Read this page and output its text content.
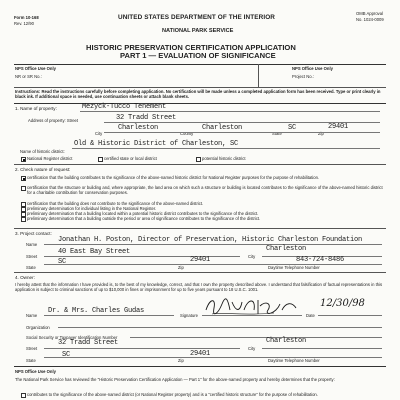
Form 10-168
Rev. 12/90
OMB Approval
No. 1024-0009
UNITED STATES DEPARTMENT OF THE INTERIOR
NATIONAL PARK SERVICE
HISTORIC PRESERVATION CERTIFICATION APPLICATION
PART 1 — EVALUATION OF SIGNIFICANCE
NPS Office Use Only
NR or SR No.:
NPS Office Use Only
Project No.:
Instructions: Read the instructions carefully before completing application. No certification will be made unless a completed application form has been received. Type or print clearly in black ink. If additional space is needed, use continuation sheets or attach blank sheets.
1. Name of property:	Mezyck-Tucco Tenement
Address of property: Street	32 Tradd Street
City
Charleston
County
Charleston
State
SC
Zip
29401
Name of historic district:
Old & Historic District of Charleston, SC
National Register district	certified state or local district	potential historic district
2. Check nature of request:
certification that the building contributes to the significance of the above-named historic district for National Register purposes for the purpose of rehabilitation.
certification that the structure or building and, where appropriate, the land area on which such a structure or building is located contributes to the significance of the above-named historic district for a charitable contribution for conservation purposes.
certification that the building does not contribute to the significance of the above-named district.
preliminary determination for individual listing in the National Register.
preliminary determination that a building located within a potential historic district contributes to the significance of the district.
preliminary determination that a building outside the period or area of significance contributes to the significance of the district.
3. Project contact:
Name
Jonathan H. Poston, Director of Preservation, Historic Charleston Foundation
Street
40 East Bay Street
City
Charleston
State
SC
Zip
29401	843-724-8486
Daytime Telephone Number
4. Owner:
I hereby attest that the information I have provided is, to the best of my knowledge, correct, and that I own the property described above. I understand that falsification of factual representations in this application is subject to criminal sanctions of up to $10,000 in fines or imprisonment for up to five years pursuant to 18 U.S.C. 1001.
Name
Dr. & Mrs. Charles Gudas
Signature	Date
12/30/98
Organization
Social Security or Taxpayer Identification Number
Street
32 Tradd Street
City
Charleston
State
SC
Zip
29401
Daytime Telephone Number
NPS Office Use Only
The National Park Service has reviewed the "Historic Preservation Certification Application — Part 1" for the above-named property and hereby determines that the property:
contributes to the significance of the above-named district (or National Register property) and is a "certified historic structure" for the purpose of rehabilitation.
